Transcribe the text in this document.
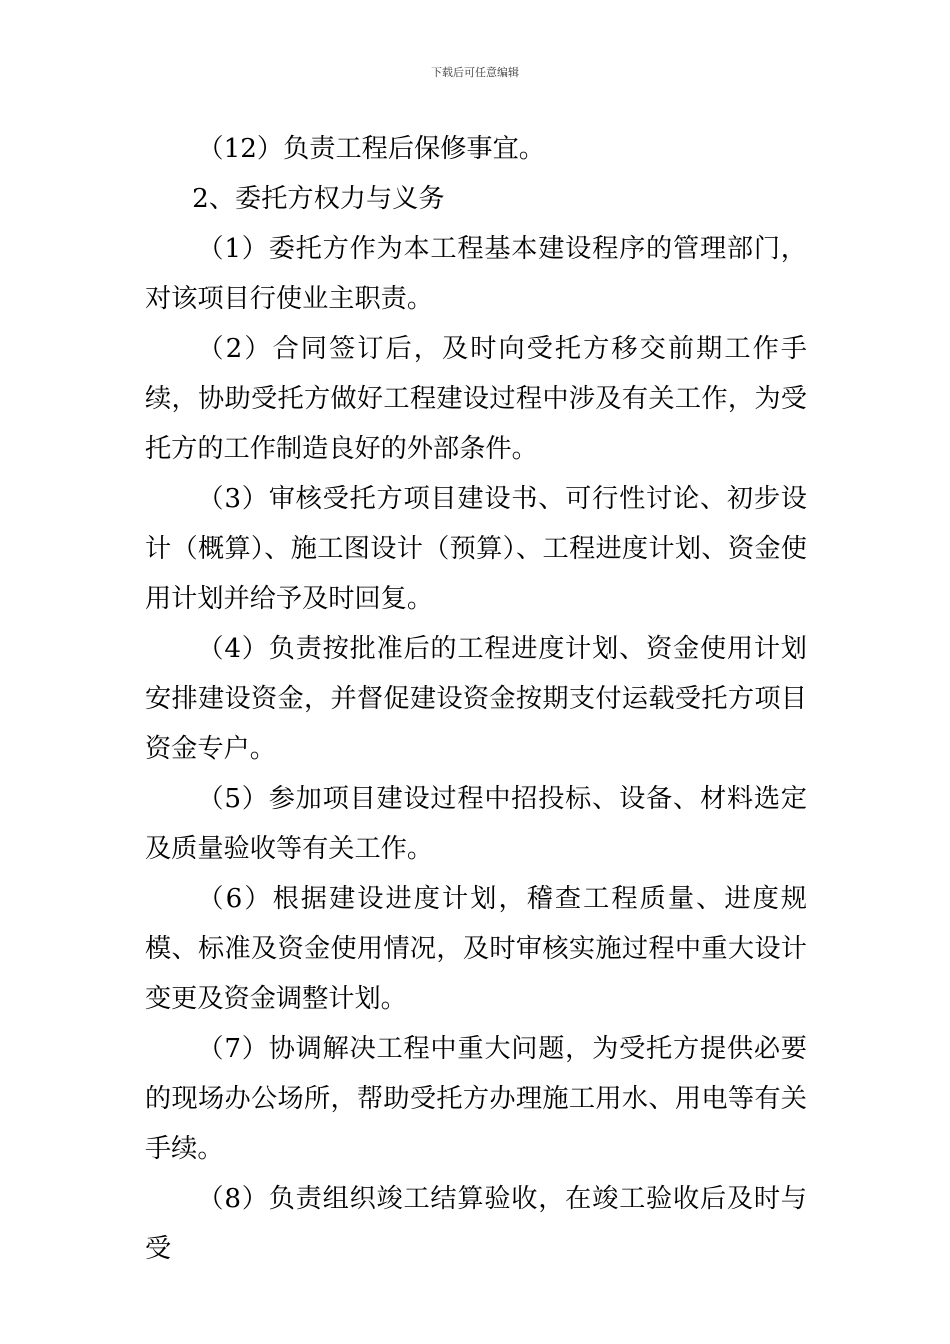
下载后可任意编辑

（12）负责工程后保修事宜。

2、委托方权力与义务

（1）委托方作为本工程基本建设程序的管理部门，对该项目行使业主职责。

（2）合同签订后，及时向受托方移交前期工作手续，协助受托方做好工程建设过程中涉及有关工作，为受托方的工作制造良好的外部条件。

（3）审核受托方项目建设书、可行性讨论、初步设计（概算）、施工图设计（预算）、工程进度计划、资金使用计划并给予及时回复。

（4）负责按批准后的工程进度计划、资金使用计划安排建设资金，并督促建设资金按期支付运载受托方项目资金专户。

（5）参加项目建设过程中招投标、设备、材料选定及质量验收等有关工作。

（6）根据建设进度计划，稽查工程质量、进度规模、标准及资金使用情况，及时审核实施过程中重大设计变更及资金调整计划。

（7）协调解决工程中重大问题，为受托方提供必要的现场办公场所，帮助受托方办理施工用水、用电等有关手续。

（8）负责组织竣工结算验收，在竣工验收后及时与受
